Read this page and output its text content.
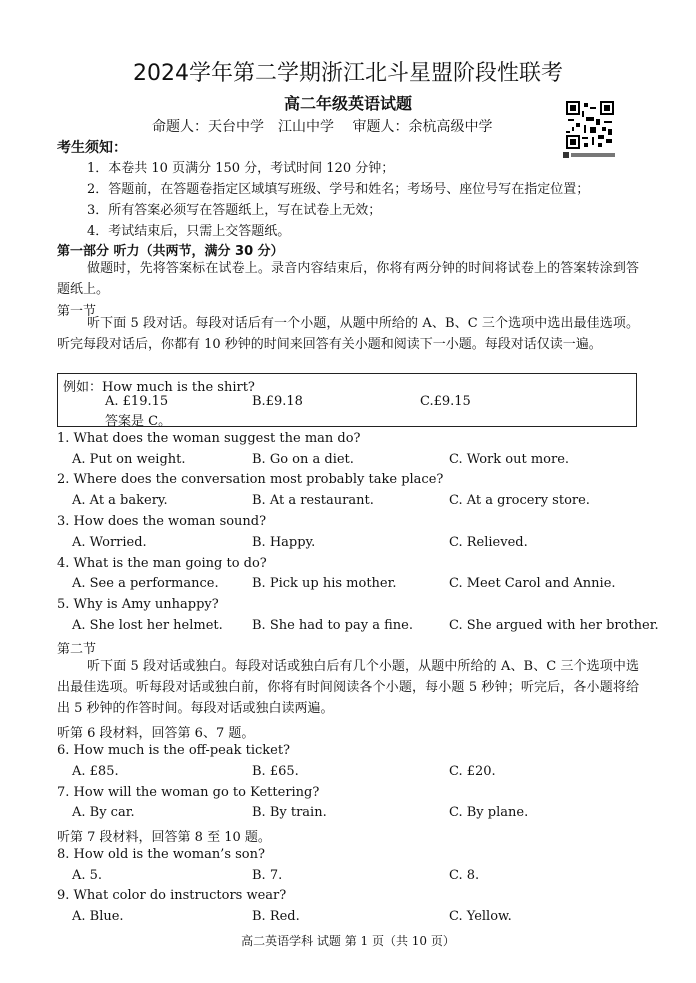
2024学年第二学期浙江北斗星盟阶段性联考
高二年级英语试题
命题人：天台中学　江山中学　 审题人：余杭高级中学
考生须知：
1．本卷共 10 页满分 150 分，考试时间 120 分钟；
2．答题前，在答题卷指定区域填写班级、学号和姓名；考场号、座位号写在指定位置；
3．所有答案必须写在答题纸上，写在试卷上无效；
4．考试结束后，只需上交答题纸。
第一部分 听力（共两节，满分 30 分）
做题时，先将答案标在试卷上。录音内容结束后，你将有两分钟的时间将试卷上的答案转涂到答题纸上。
第一节
听下面 5 段对话。每段对话后有一个小题，从题中所给的 A、B、C 三个选项中选出最佳选项。听完每段对话后，你都有 10 秒钟的时间来回答有关小题和阅读下一小题。每段对话仅读一遍。
例如：How much is the shirt?
A. £19.15	B.£9.18	C.£9.15
答案是 C。
1. What does the woman suggest the man do?
A. Put on weight.	B. Go on a diet.	C. Work out more.
2. Where does the conversation most probably take place?
A. At a bakery.	B. At a restaurant.	C. At a grocery store.
3. How does the woman sound?
A. Worried.	B. Happy.	C. Relieved.
4. What is the man going to do?
A. See a performance.	B. Pick up his mother.	C. Meet Carol and Annie.
5. Why is Amy unhappy?
A. She lost her helmet. B. She had to pay a fine.	C. She argued with her brother.
第二节
听下面 5 段对话或独白。每段对话或独白后有几个小题，从题中所给的 A、B、C 三个选项中选出最佳选项。听每段对话或独白前，你将有时间阅读各个小题，每小题 5 秒钟；听完后，各小题将给出 5 秒钟的作答时间。每段对话或独白读两遍。
听第 6 段材料，回答第 6、7 题。
6. How much is the off-peak ticket?
A. £85.	B. £65.	C. £20.
7. How will the woman go to Kettering?
A. By car.	B. By train.	C. By plane.
听第 7 段材料，回答第 8 至 10 题。
8. How old is the woman’s son?
A. 5.	B. 7.	C. 8.
9. What color do instructors wear?
A. Blue.	B. Red.	C. Yellow.
高二英语学科 试题 第 1 页（共 10 页）
